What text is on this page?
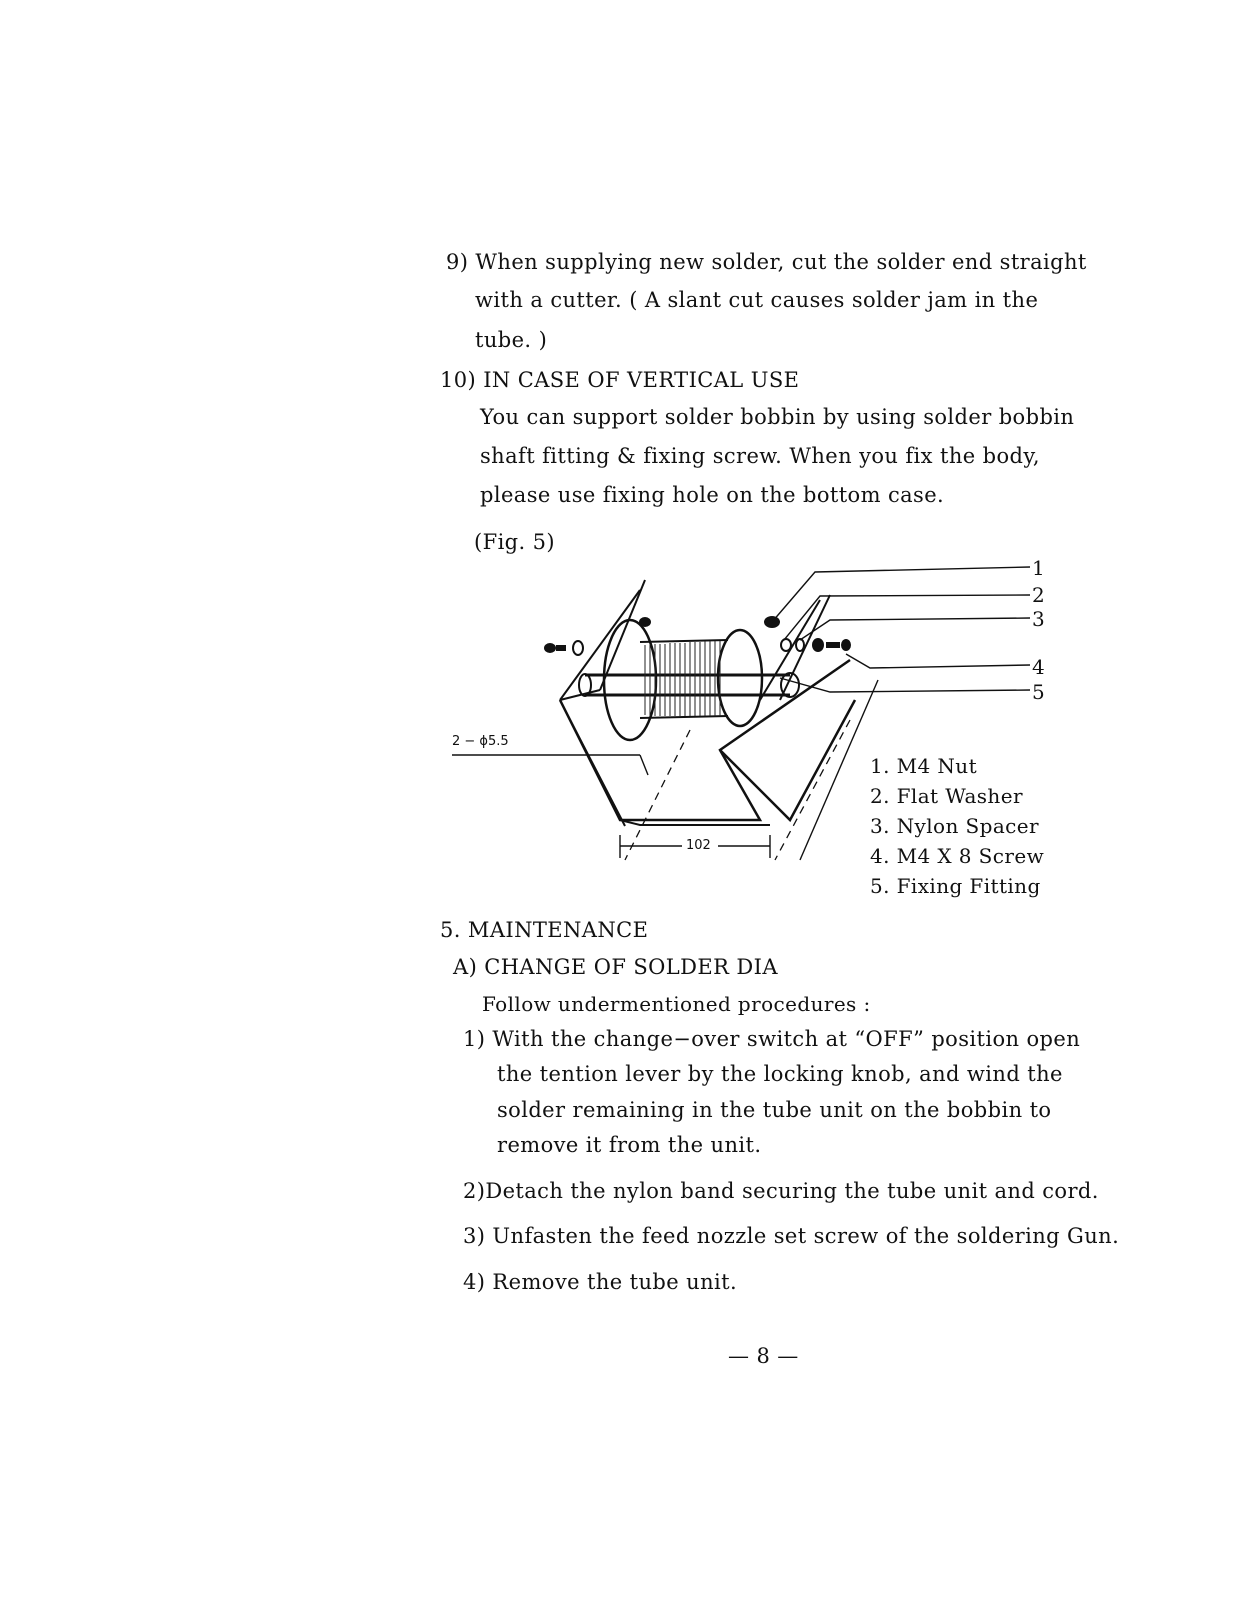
9) When supplying new solder, cut the solder end straight
with a cutter. ( A slant cut causes solder jam in the
tube. )
10) IN CASE OF VERTICAL USE
You can support solder bobbin by using solder bobbin
shaft fitting & fixing screw. When you fix the body,
please use fixing hole on the bottom case.
(Fig. 5)
1
2
3
4
5
2 − ϕ5.5
102
1. M4 Nut
2. Flat Washer
3. Nylon Spacer
4. M4 X 8 Screw
5. Fixing Fitting
5. MAINTENANCE
A) CHANGE OF SOLDER DIA
Follow undermentioned procedures :
1) With the change−over switch at “OFF” position open
the tention lever by the locking knob, and wind the
solder remaining in the tube unit on the bobbin to
remove it from the unit.
2)Detach the nylon band securing the tube unit and cord.
3) Unfasten the feed nozzle set screw of the soldering Gun.
4) Remove the tube unit.
— 8 —
